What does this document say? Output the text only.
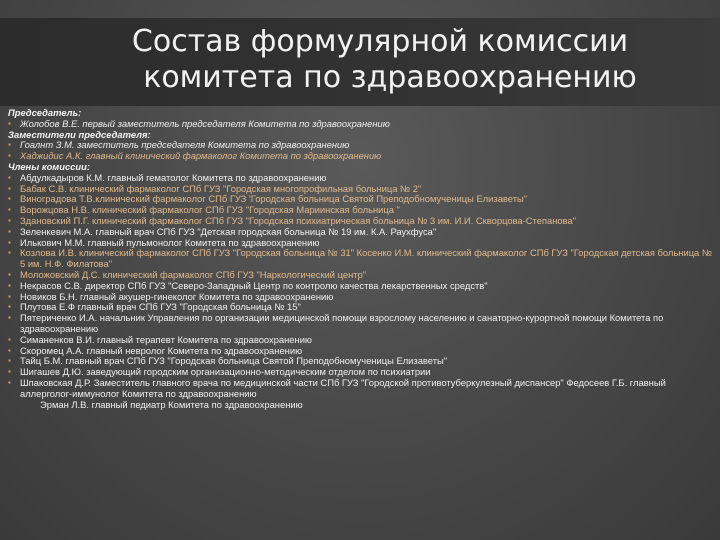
Состав формулярной комиссии
комитета по здравоохранению
Председатель:
▪ Жолобов В.Е. первый заместитель председателя Комитета по здравоохранению
Заместители председателя:
▪ Гоалнт З.М. заместитель председателя Комитета по здравоохранению
▪ Хаджидис А.К. главный клинический фармаколог Комитета по здравоохранению
Члены комиссии:
▪ Абдулкадыров К.М. главный гематолог Комитета по здравоохранению
▪ Бабак С.В. клинический фармаколог СПб ГУЗ "Городская многопрофильная больница № 2"
▪ Виноградова Т.В.клинический фармаколог СПб ГУЗ 'Городская больница Святой Преподобномученицы Елизаветы"
▪ Ворожцова Н.В. клинический фармаколог СПб ГУЗ "Городская Мариинская больница "
▪ Здановский П.Г. клинический фармаколог СПб ГУЗ "Городская психиатрическая больница № 3 им. И.И. Скворцова-Степанова"
▪ Зеленкевич М.А. главный врач СПб ГУЗ "Детская городская больница № 19 им. К.А. Раухфуса"
▪ Илькович М.М. главный пульмонолог Комитета по здравоохранению
▪ Козлова И.В. клинический фармаколог СПб ГУЗ "Городская больница № 31" Косенко И.М. клинический фармаколог СПб ГУЗ "Городская детская больница № 5 им. Н.Ф. Филатова"
▪ Моложовский Д.С. клинический фармаколог СПб ГУЗ "Наркологический центр"
▪ Некрасов С.В. директор СПб ГУЗ "Северо-Западный Центр по контролю качества лекарственных средств"
▪ Новиков Б.Н. главный акушер-гинеколог Комитета по здравоохранению
▪ Плутова Е.Ф главный врач СПб ГУЗ "Городская больница № 15"
▪ Пятериченко И.А. начальник Управления по организации медицинской помощи взрослому населению и санаторно-курортной помощи Комитета по здравоохранению
▪ Симаненков В.И. главный терапевт Комитета по здравоохранению
▪ Скоромец А.А. главный невролог Комитета по здравоохранению
▪ Тайц Б.М. главный врач СПб ГУЗ "Городская больница Святой Преподобномученицы Елизаветы"
▪ Шигашев Д.Ю. заведующий городским организационно-методическим отделом по психиатрии
▪ Шпаковская Д.Р. Заместитель главного врача по медицинской части СПб ГУЗ "Городской противотуберкулезный диспансер" Федосеев Г.Б. главный аллерголог-иммунолог Комитета по здравоохранению
Эрман Л.В. главный педиатр Комитета по здравоохранению
